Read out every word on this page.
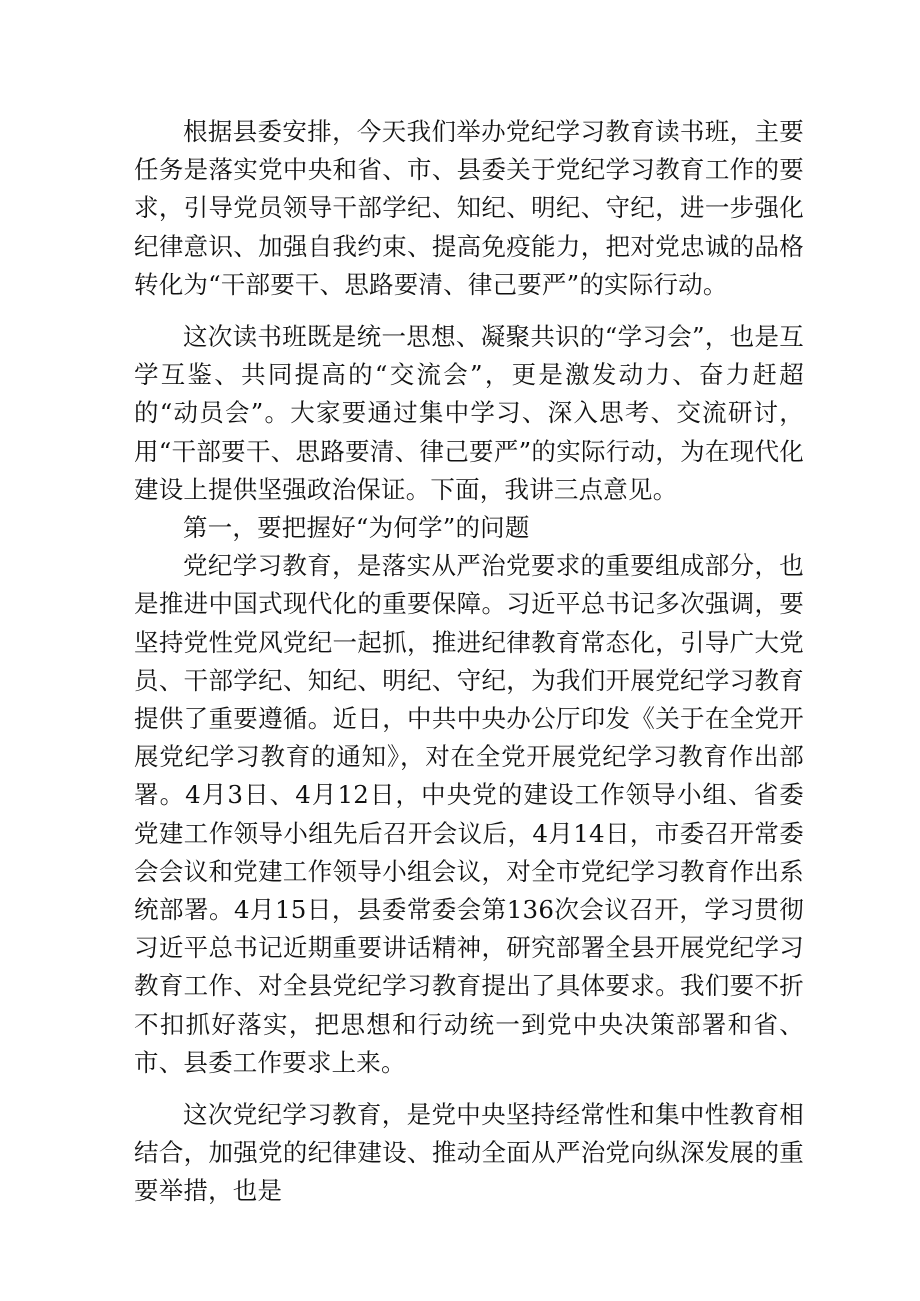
根据县委安排，今天我们举办党纪学习教育读书班，主要任务是落实党中央和省、市、县委关于党纪学习教育工作的要求，引导党员领导干部学纪、知纪、明纪、守纪，进一步强化纪律意识、加强自我约束、提高免疫能力，把对党忠诚的品格转化为“干部要干、思路要清、律己要严”的实际行动。

这次读书班既是统一思想、凝聚共识的“学习会”，也是互学互鉴、共同提高的“交流会”，更是激发动力、奋力赶超的“动员会”。大家要通过集中学习、深入思考、交流研讨，用“干部要干、思路要清、律己要严”的实际行动，为在现代化建设上提供坚强政治保证。下面，我讲三点意见。

第一，要把握好“为何学”的问题

党纪学习教育，是落实从严治党要求的重要组成部分，也是推进中国式现代化的重要保障。习近平总书记多次强调，要坚持党性党风党纪一起抓，推进纪律教育常态化，引导广大党员、干部学纪、知纪、明纪、守纪，为我们开展党纪学习教育提供了重要遵循。近日，中共中央办公厅印发《关于在全党开展党纪学习教育的通知》，对在全党开展党纪学习教育作出部署。4月3日、4月12日，中央党的建设工作领导小组、省委党建工作领导小组先后召开会议后，4月14日，市委召开常委会会议和党建工作领导小组会议，对全市党纪学习教育作出系统部署。4月15日，县委常委会第136次会议召开，学习贯彻习近平总书记近期重要讲话精神，研究部署全县开展党纪学习教育工作、对全县党纪学习教育提出了具体要求。我们要不折不扣抓好落实，把思想和行动统一到党中央决策部署和省、市、县委工作要求上来。

这次党纪学习教育，是党中央坚持经常性和集中性教育相结合，加强党的纪律建设、推动全面从严治党向纵深发展的重要举措，也是
